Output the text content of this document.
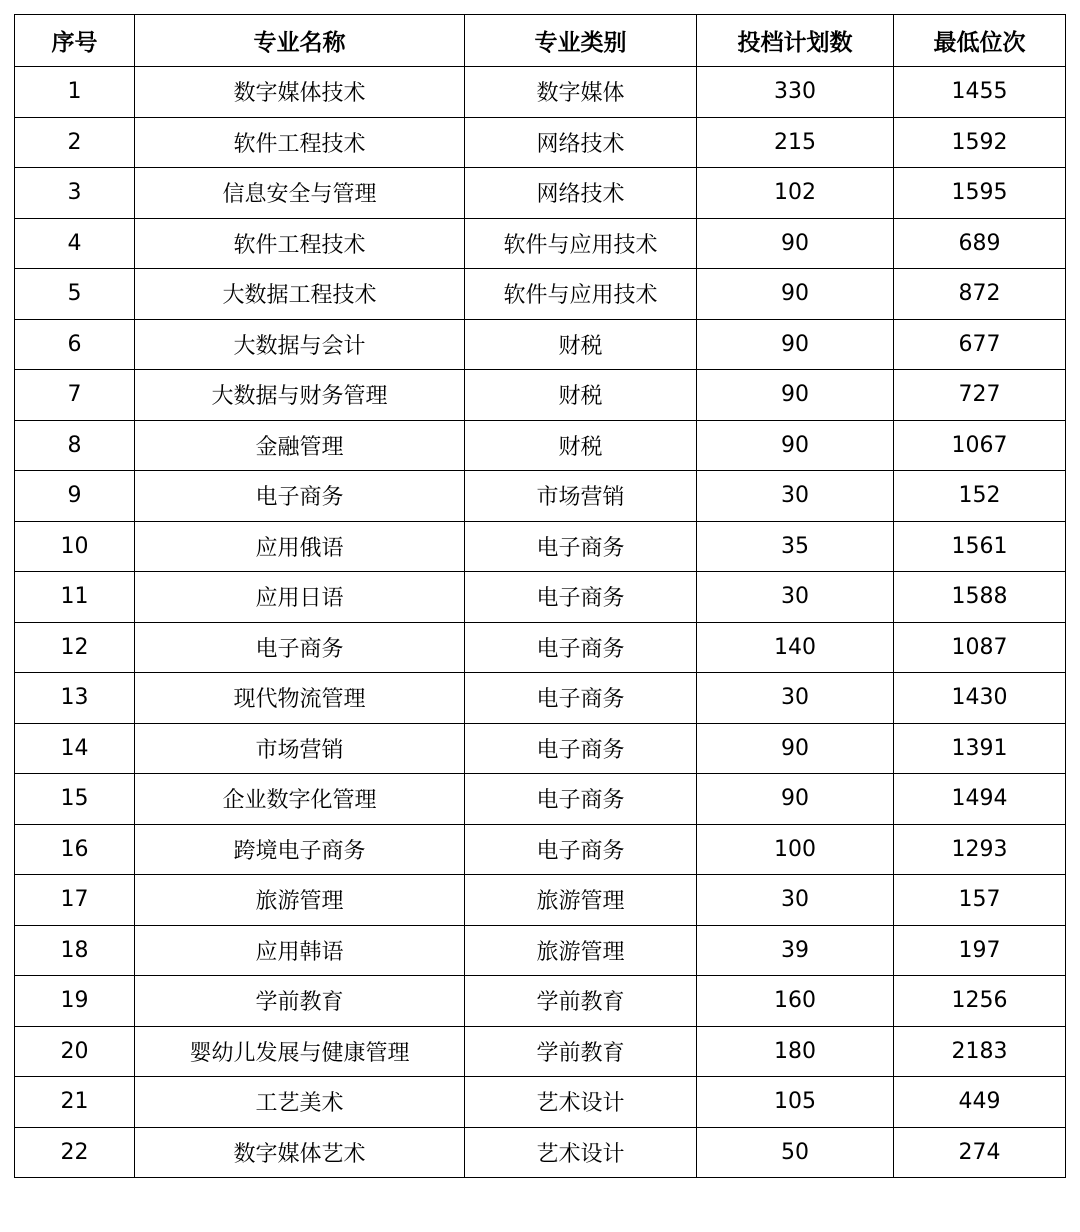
序号	专业名称	专业类别	投档计划数	最低位次
1	数字媒体技术	数字媒体	330	1455
2	软件工程技术	网络技术	215	1592
3	信息安全与管理	网络技术	102	1595
4	软件工程技术	软件与应用技术	90	689
5	大数据工程技术	软件与应用技术	90	872
6	大数据与会计	财税	90	677
7	大数据与财务管理	财税	90	727
8	金融管理	财税	90	1067
9	电子商务	市场营销	30	152
10	应用俄语	电子商务	35	1561
11	应用日语	电子商务	30	1588
12	电子商务	电子商务	140	1087
13	现代物流管理	电子商务	30	1430
14	市场营销	电子商务	90	1391
15	企业数字化管理	电子商务	90	1494
16	跨境电子商务	电子商务	100	1293
17	旅游管理	旅游管理	30	157
18	应用韩语	旅游管理	39	197
19	学前教育	学前教育	160	1256
20	婴幼儿发展与健康管理	学前教育	180	2183
21	工艺美术	艺术设计	105	449
22	数字媒体艺术	艺术设计	50	274
